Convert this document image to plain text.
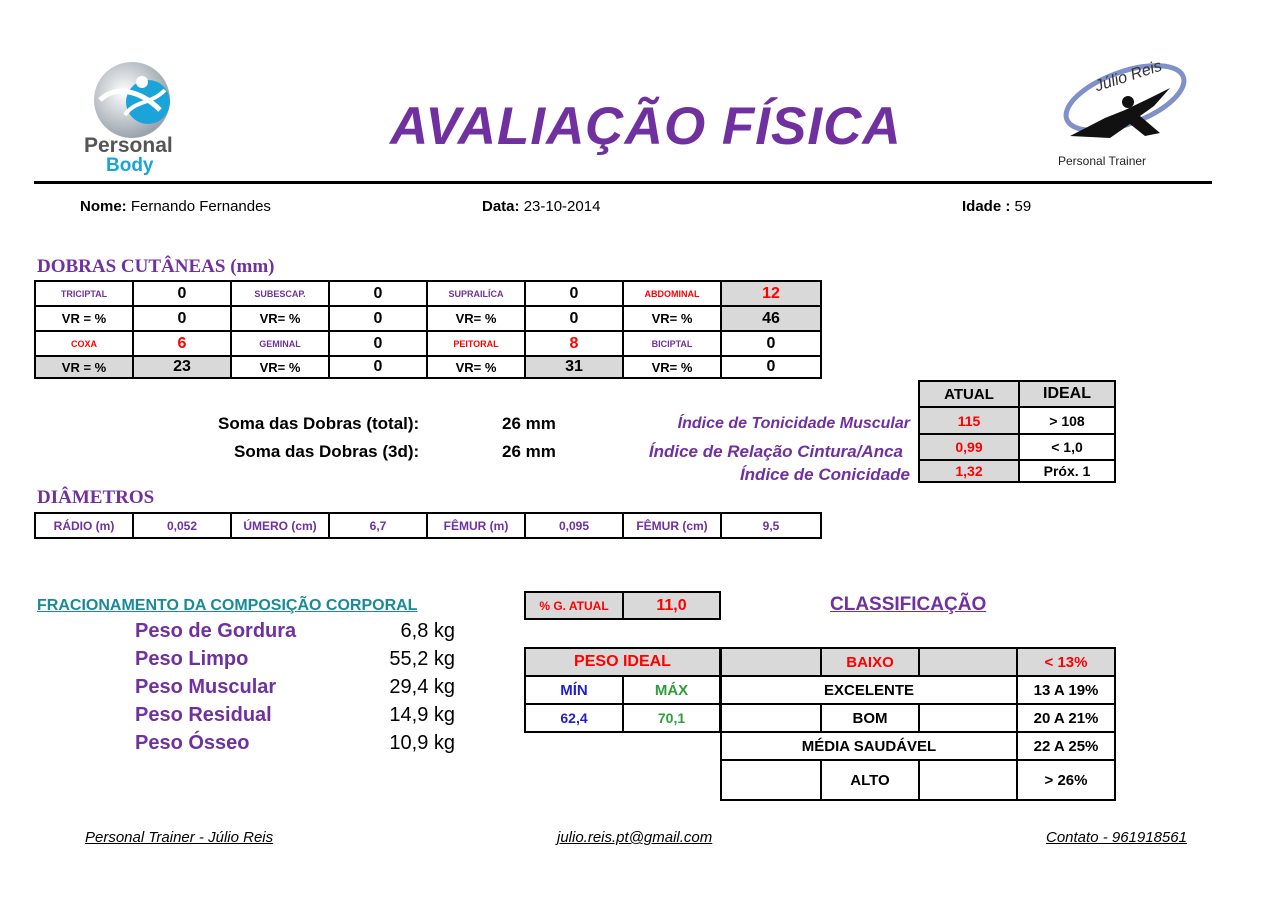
Personal
Body
AVALIAÇÃO FÍSICA
Júlio Reis
Personal Trainer
Nome: Fernando Fernandes	Data: 23-10-2014	Idade : 59
DOBRAS CUTÂNEAS (mm)
TRICIPTAL	0	SUBESCAP.	0	SUPRAILÍCA	0	ABDOMINAL	12
VR = %	0	VR= %	0	VR= %	0	VR= %	46
COXA	6	GEMINAL	0	PEITORAL	8	BICIPTAL	0
VR = %	23	VR= %	0	VR= %	31	VR= %	0
Soma das Dobras (total):	26 mm
Soma das Dobras (3d):	26 mm
Índice de Tonicidade Muscular
Índice de Relação Cintura/Anca
Índice de Conicidade
ATUAL	IDEAL
115	> 108
0,99	< 1,0
1,32	Próx. 1
DIÂMETROS
RÁDIO (m)	0,052	ÚMERO (cm)	6,7	FÊMUR (m)	0,095	FÊMUR (cm)	9,5
FRACIONAMENTO DA COMPOSIÇÃO CORPORAL
Peso de Gordura	6,8 kg
Peso Limpo	55,2 kg
Peso Muscular	29,4 kg
Peso Residual	14,9 kg
Peso Ósseo	10,9 kg
% G. ATUAL	11,0	CLASSIFICAÇÃO
PESO IDEAL	
MÍN	MÁX
62,4	70,1
	BAIXO		< 13%
EXCELENTE			13 A 19%
	BOM		20 A 21%
MÉDIA SAUDÁVEL			22 A 25%
	ALTO		> 26%
Personal Trainer - Júlio Reis	julio.reis.pt@gmail.com	Contato - 961918561
